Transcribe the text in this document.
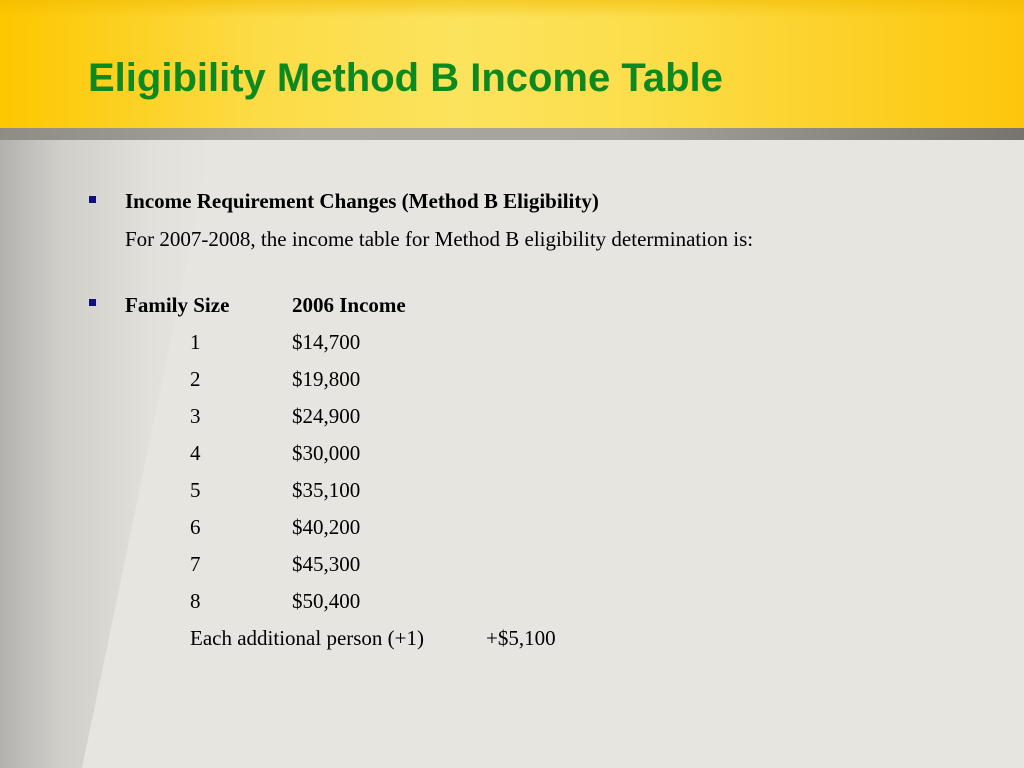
Eligibility Method B Income Table
Income Requirement Changes (Method B Eligibility)
For 2007-2008, the income table for Method B eligibility determination is:
Family Size	2006 Income
1	$14,700
2	$19,800
3	$24,900
4	$30,000
5	$35,100
6	$40,200
7	$45,300
8	$50,400
Each additional person (+1)	+$5,100
